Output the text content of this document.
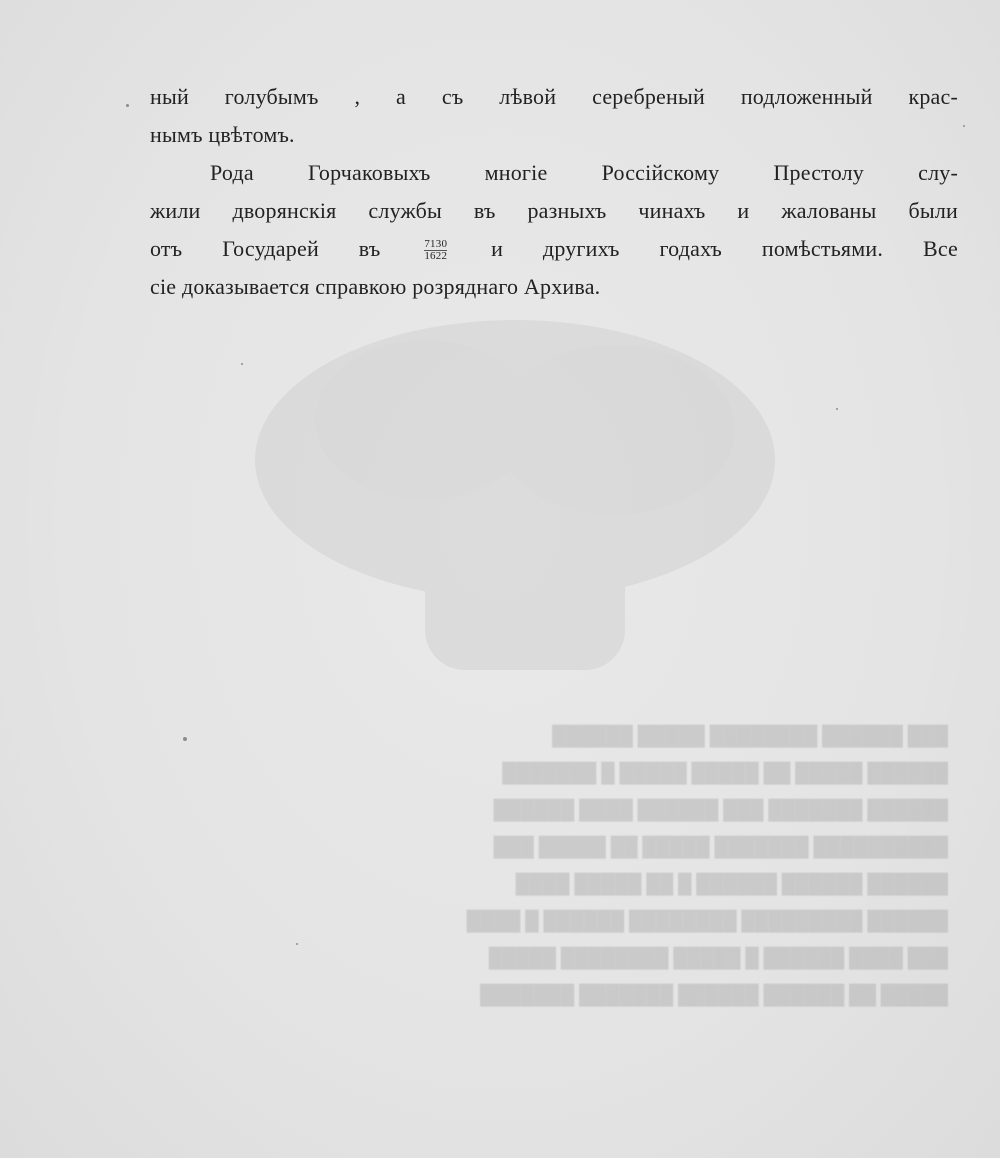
███ ██████ ████████ █████ ██████
██████ █████ ██ █████ █████ █ ███████
██████ ███████ ███ ██████ ████ ██████
██████████ ███████ █████ ██ █████ ███
██████ ██████ ██████ █ ██ █████ ████
██████ █████████ ████████ ██████ █ ████
███ ████ ██████ █ █████ ████████ █████
█████ ██ ██████ ██████ ███████ ███████
ный голубымъ , а съ лѣвой серебреный подложенный крас-
нымъ цвѣтомъ.
Рода Горчаковыхъ многіе Россійскому Престолу слу-
жили дворянскія службы въ разныхъ чинахъ и жалованы были
отъ Государей въ	$\frac{7130}{1622}$ и другихъ годахъ помѣстьями. Все
сіе доказывается справкою розряднаго Архива.
